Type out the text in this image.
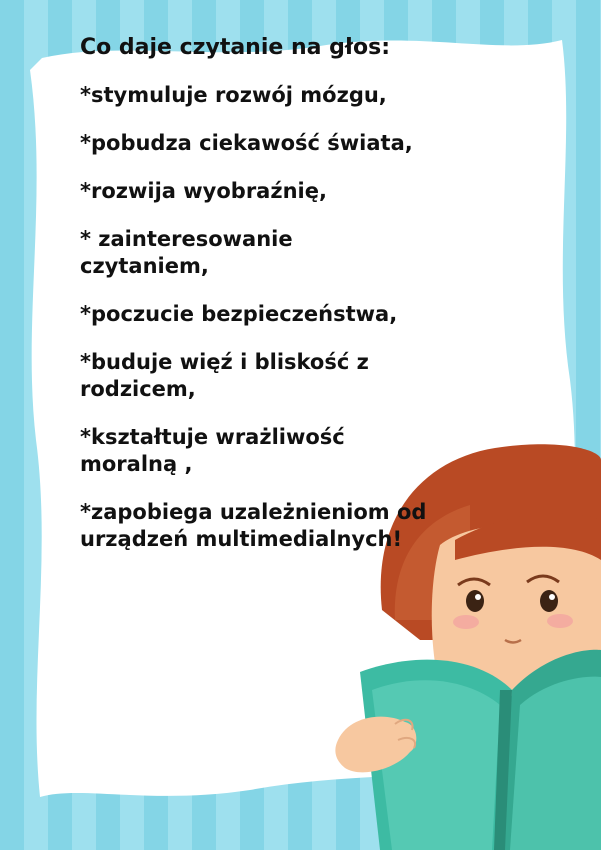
Co daje czytanie na głos:
*stymuluje rozwój mózgu,
*pobudza ciekawość świata,
*rozwija wyobraźnię,
* zainteresowanie czytaniem,
*poczucie bezpieczeństwa,
*buduje więź i bliskość z rodzicem,
*kształtuje wrażliwość moralną ,
*zapobiega uzależnieniom od urządzeń multimedialnych!
